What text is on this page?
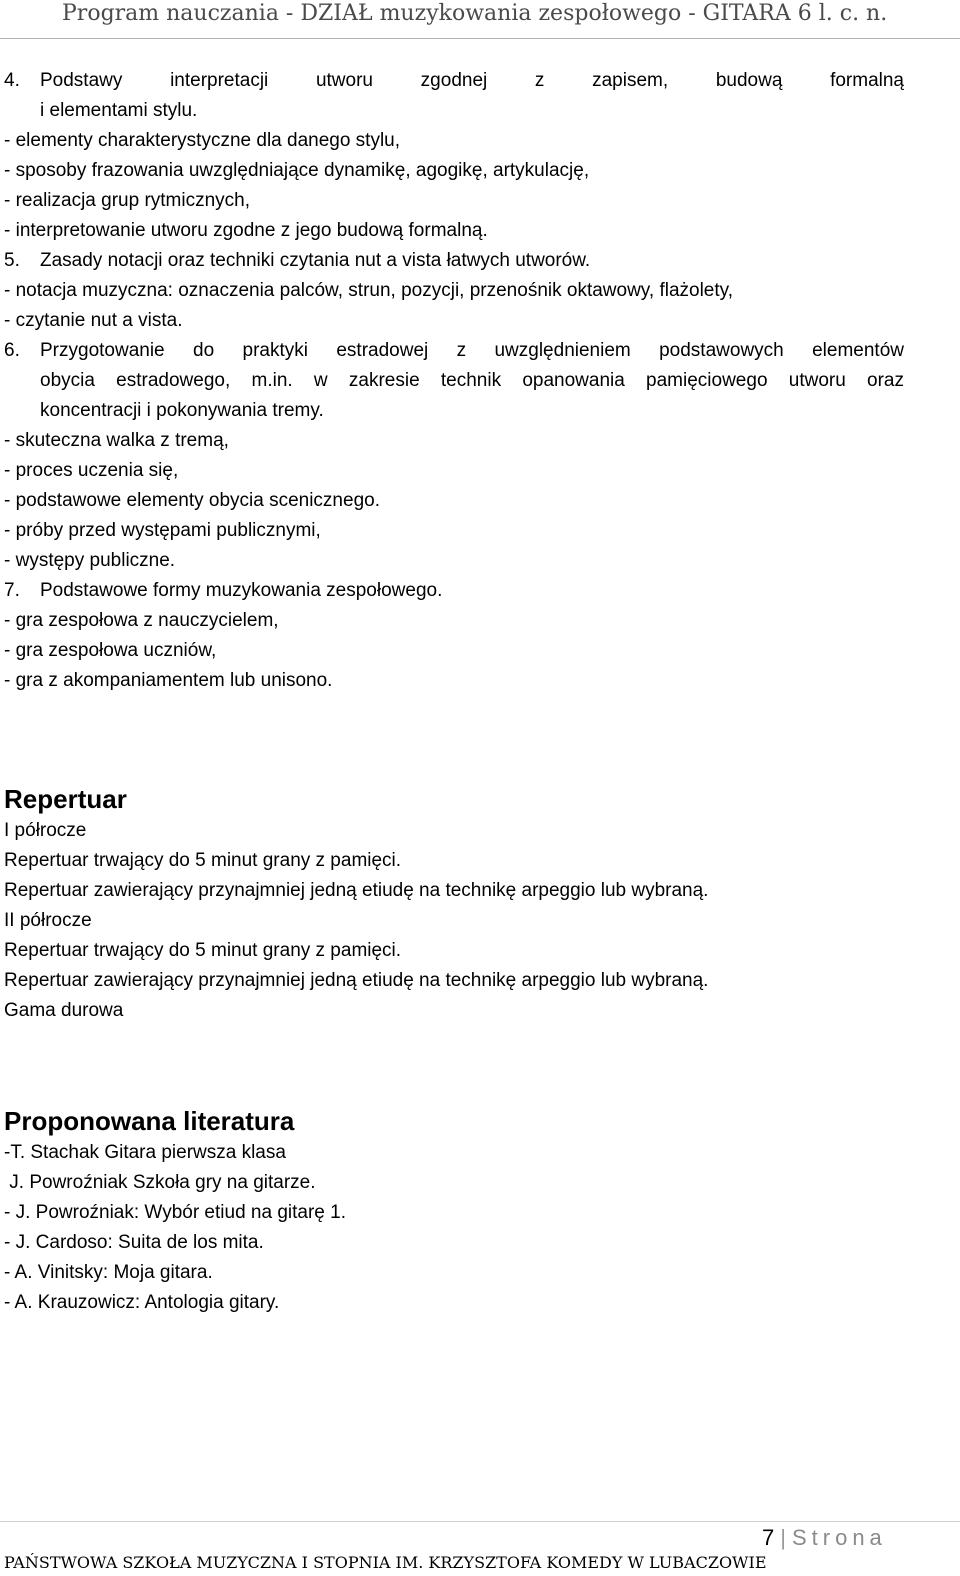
Program nauczania - DZIAŁ muzykowania zespołowego - GITARA 6 l. c. n.
4.	Podstawy interpretacji utworu zgodnej z zapisem, budową formalną
i elementami stylu.
- elementy charakterystyczne dla danego stylu,
- sposoby frazowania uwzględniające dynamikę, agogikę, artykulację,
- realizacja grup rytmicznych,
- interpretowanie utworu zgodne z jego budową formalną.
5.	Zasady notacji oraz techniki czytania nut a vista łatwych utworów.
- notacja muzyczna: oznaczenia palców, strun, pozycji, przenośnik oktawowy, flażolety,
- czytanie nut a vista.
6.	Przygotowanie do praktyki estradowej z uwzględnieniem podstawowych elementów
obycia estradowego, m.in. w zakresie technik opanowania pamięciowego utworu oraz
koncentracji i pokonywania tremy.
- skuteczna walka z tremą,
- proces uczenia się,
- podstawowe elementy obycia scenicznego.
- próby przed występami publicznymi,
- występy publiczne.
7.	Podstawowe formy muzykowania zespołowego.
- gra zespołowa z nauczycielem,
- gra zespołowa uczniów,
- gra z akompaniamentem lub unisono.
Repertuar
I półrocze
Repertuar trwający do 5 minut grany z pamięci.
Repertuar zawierający przynajmniej jedną etiudę na technikę arpeggio lub wybraną.
II półrocze
Repertuar trwający do 5 minut grany z pamięci.
Repertuar zawierający przynajmniej jedną etiudę na technikę arpeggio lub wybraną.
Gama durowa
Proponowana literatura
-T. Stachak Gitara pierwsza klasa
J. Powroźniak Szkoła gry na gitarze.
- J. Powroźniak: Wybór etiud na gitarę 1.
- J. Cardoso: Suita de los mita.
- A. Vinitsky: Moja gitara.
- A. Krauzowicz: Antologia gitary.
7 | Strona
PAŃSTWOWA SZKOŁA MUZYCZNA I STOPNIA IM. KRZYSZTOFA KOMEDY W LUBACZOWIE
